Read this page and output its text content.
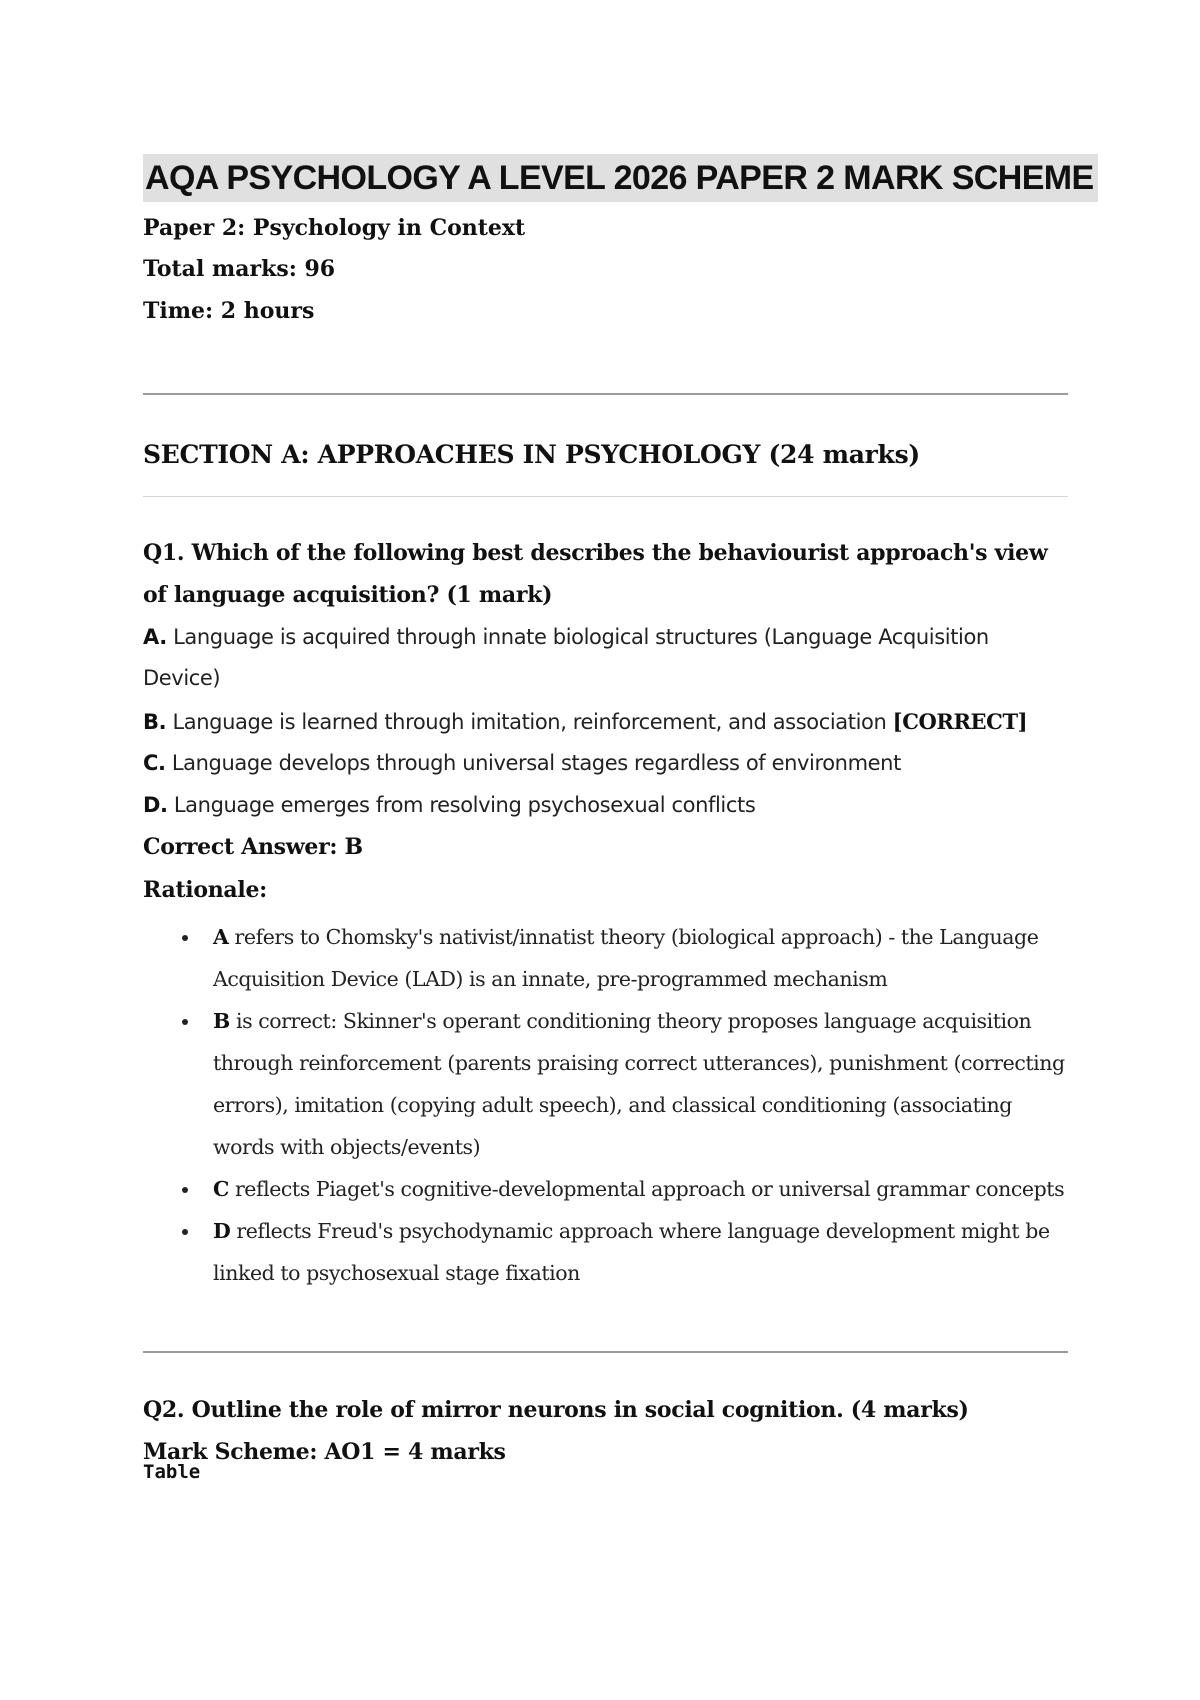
AQA PSYCHOLOGY A LEVEL 2026 PAPER 2 MARK SCHEME
Paper 2: Psychology in Context
Total marks: 96
Time: 2 hours
SECTION A: APPROACHES IN PSYCHOLOGY (24 marks)
Q1. Which of the following best describes the behaviourist approach's view of language acquisition? (1 mark)
A. Language is acquired through innate biological structures (Language Acquisition Device)
B. Language is learned through imitation, reinforcement, and association [CORRECT]
C. Language develops through universal stages regardless of environment
D. Language emerges from resolving psychosexual conflicts
Correct Answer: B
Rationale:
A refers to Chomsky's nativist/innatist theory (biological approach) - the Language Acquisition Device (LAD) is an innate, pre-programmed mechanism
B is correct: Skinner's operant conditioning theory proposes language acquisition through reinforcement (parents praising correct utterances), punishment (correcting errors), imitation (copying adult speech), and classical conditioning (associating words with objects/events)
C reflects Piaget's cognitive-developmental approach or universal grammar concepts
D reflects Freud's psychodynamic approach where language development might be linked to psychosexual stage fixation
Q2. Outline the role of mirror neurons in social cognition. (4 marks)
Mark Scheme: AO1 = 4 marks
Table
